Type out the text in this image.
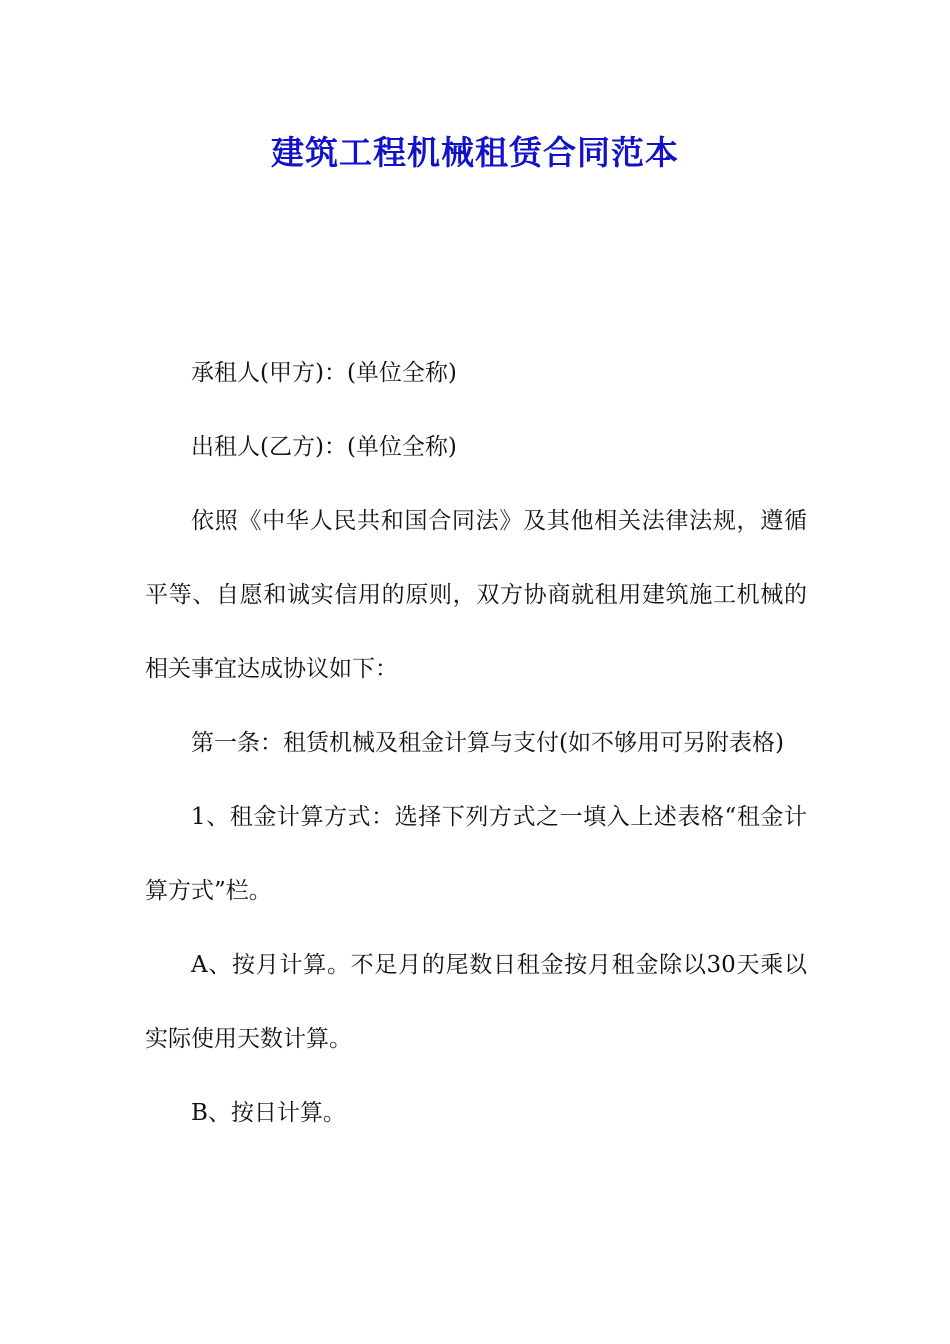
建筑工程机械租赁合同范本

承租人(甲方)：(单位全称)

出租人(乙方)：(单位全称)

依照《中华人民共和国合同法》及其他相关法律法规，遵循平等、自愿和诚实信用的原则，双方协商就租用建筑施工机械的相关事宜达成协议如下：

第一条：租赁机械及租金计算与支付(如不够用可另附表格)

1、租金计算方式：选择下列方式之一填入上述表格“租金计算方式”栏。

A、按月计算。不足月的尾数日租金按月租金除以30天乘以实际使用天数计算。

B、按日计算。
